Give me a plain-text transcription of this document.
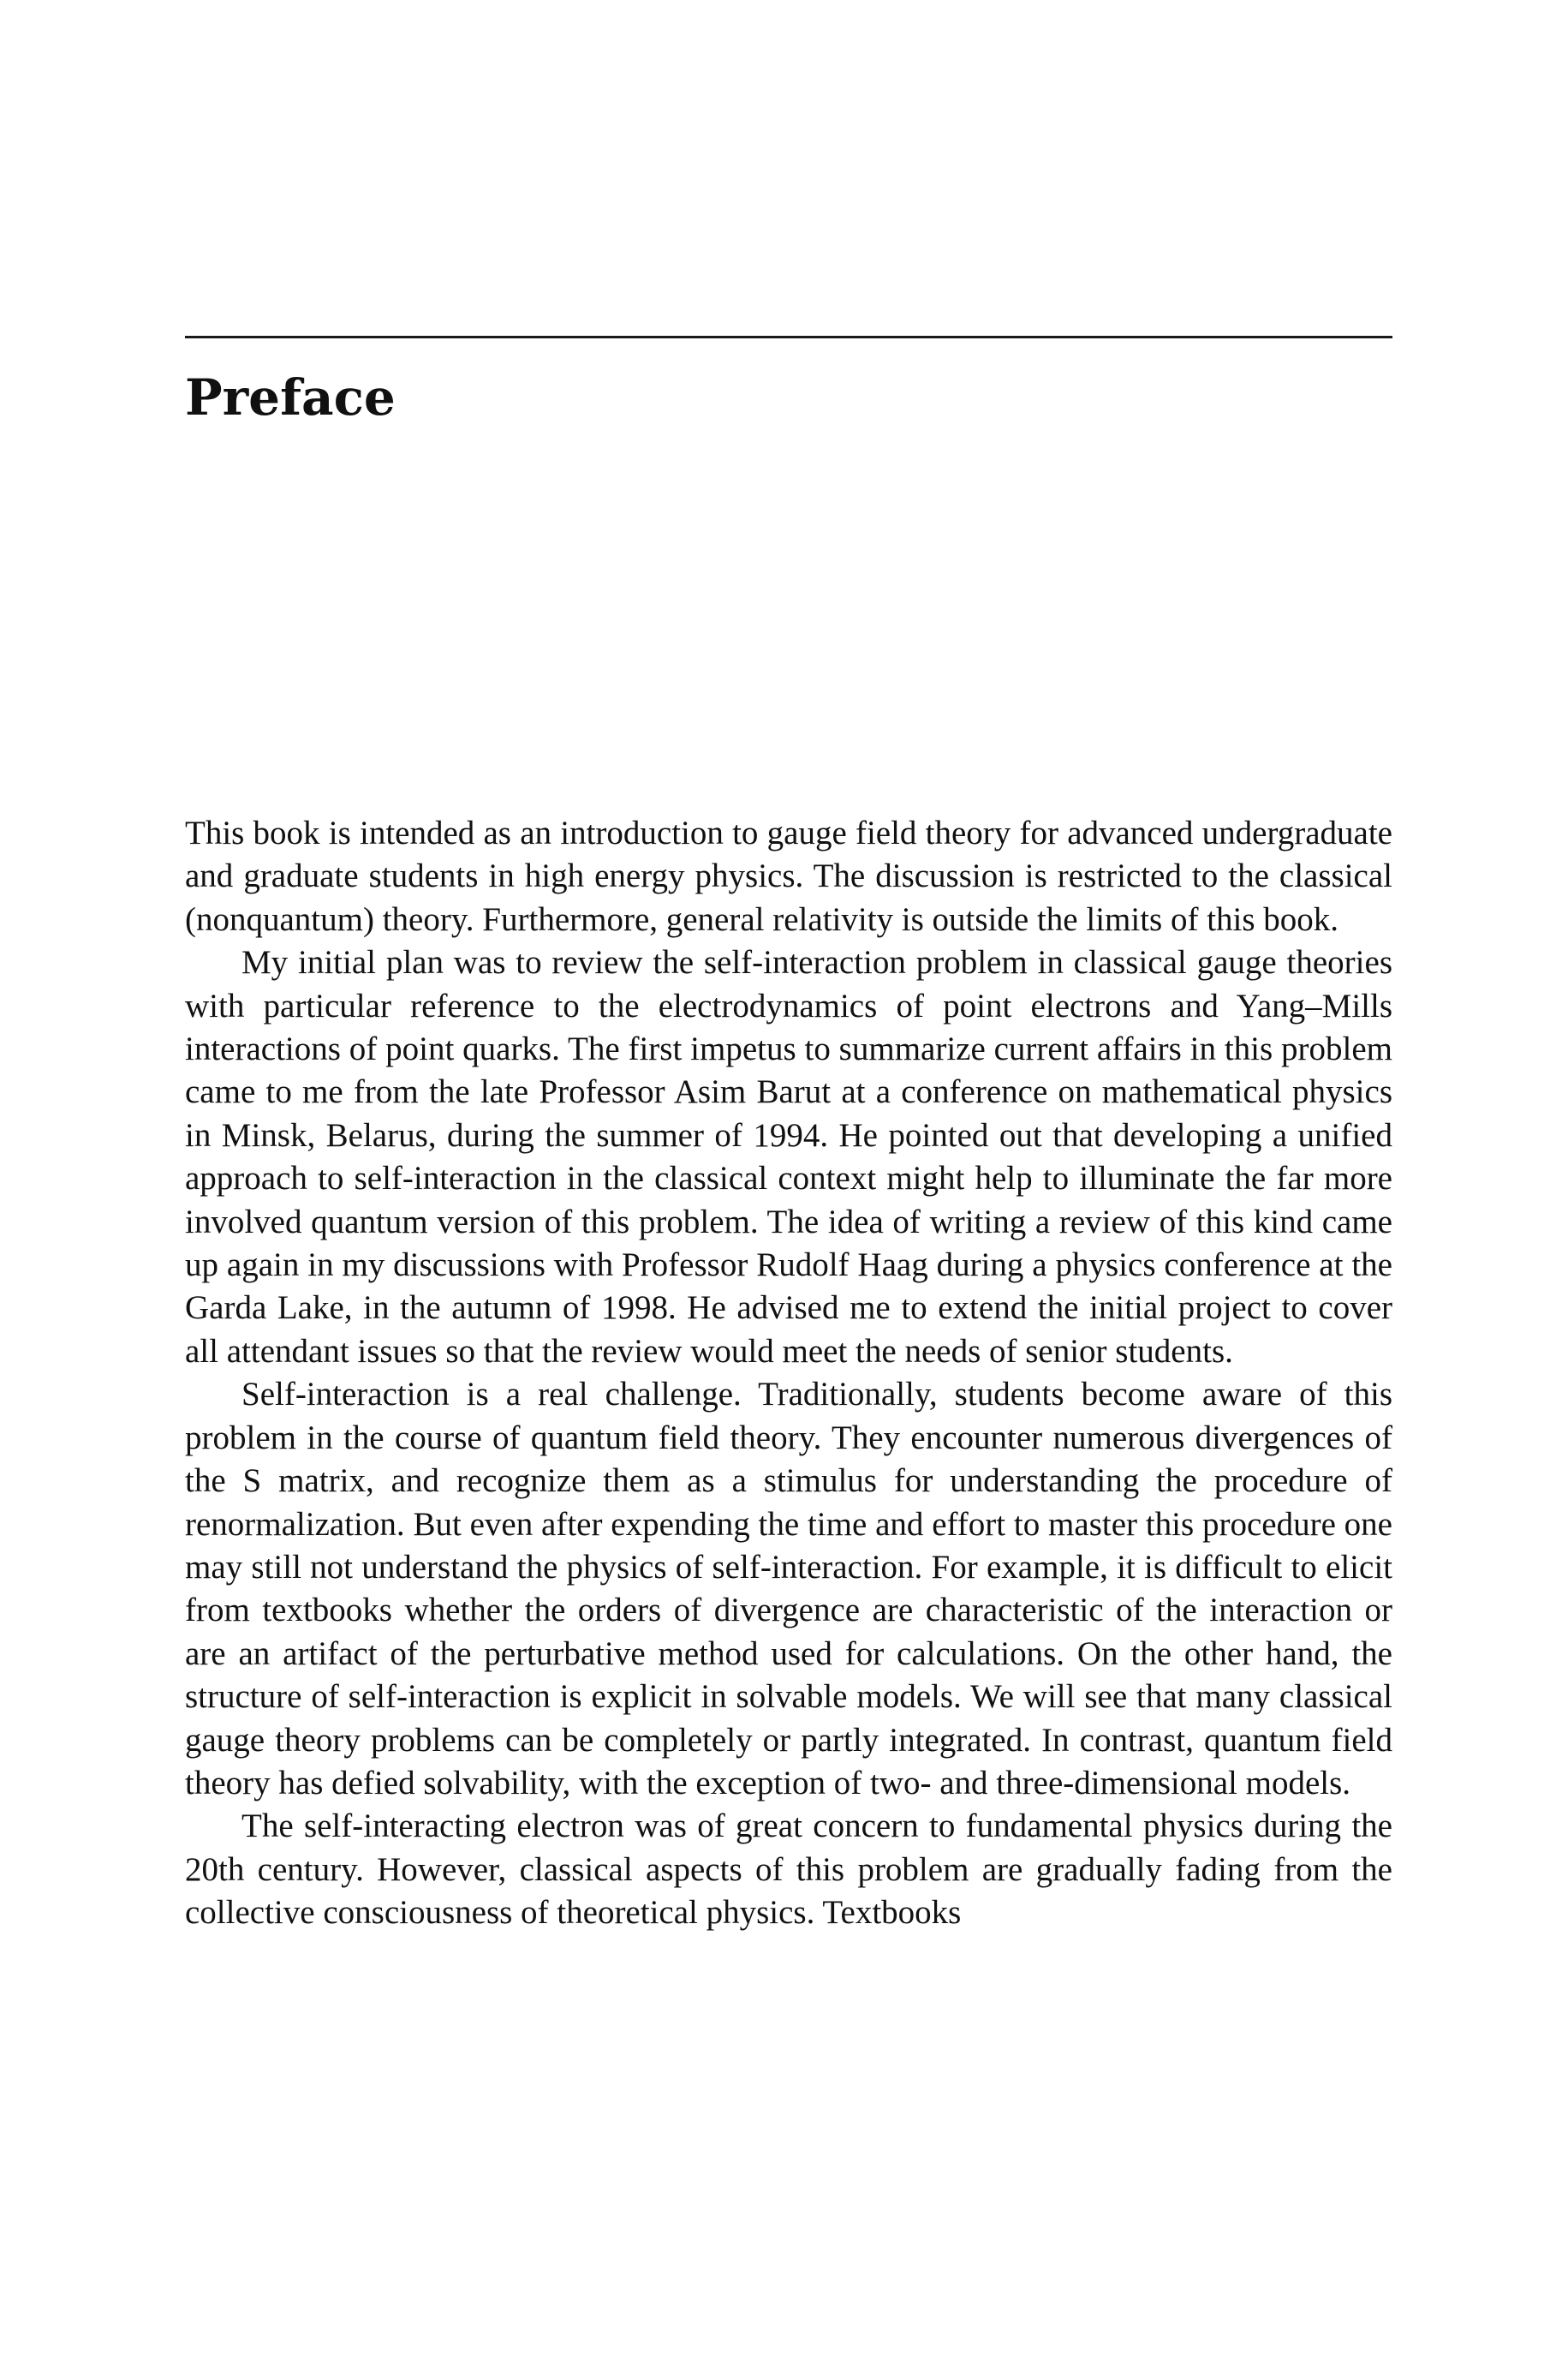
Preface

This book is intended as an introduction to gauge field theory for advanced undergraduate and graduate students in high energy physics. The discussion is restricted to the classical (nonquantum) theory. Furthermore, general relativity is outside the limits of this book.

My initial plan was to review the self-interaction problem in classical gauge theories with particular reference to the electrodynamics of point electrons and Yang–Mills interactions of point quarks. The first impetus to summarize current affairs in this problem came to me from the late Professor Asim Barut at a conference on mathematical physics in Minsk, Belarus, during the summer of 1994. He pointed out that developing a unified approach to self-interaction in the classical context might help to illuminate the far more involved quantum version of this problem. The idea of writing a review of this kind came up again in my discussions with Professor Rudolf Haag during a physics conference at the Garda Lake, in the autumn of 1998. He advised me to extend the initial project to cover all attendant issues so that the review would meet the needs of senior students.

Self-interaction is a real challenge. Traditionally, students become aware of this problem in the course of quantum field theory. They encounter numerous divergences of the S matrix, and recognize them as a stimulus for understanding the procedure of renormalization. But even after expending the time and effort to master this procedure one may still not understand the physics of self-interaction. For example, it is difficult to elicit from textbooks whether the orders of divergence are characteristic of the interaction or are an artifact of the perturbative method used for calculations. On the other hand, the structure of self-interaction is explicit in solvable models. We will see that many classical gauge theory problems can be completely or partly integrated. In contrast, quantum field theory has defied solvability, with the exception of two- and three-dimensional models.

The self-interacting electron was of great concern to fundamental physics during the 20th century. However, classical aspects of this problem are gradually fading from the collective consciousness of theoretical physics. Textbooks
